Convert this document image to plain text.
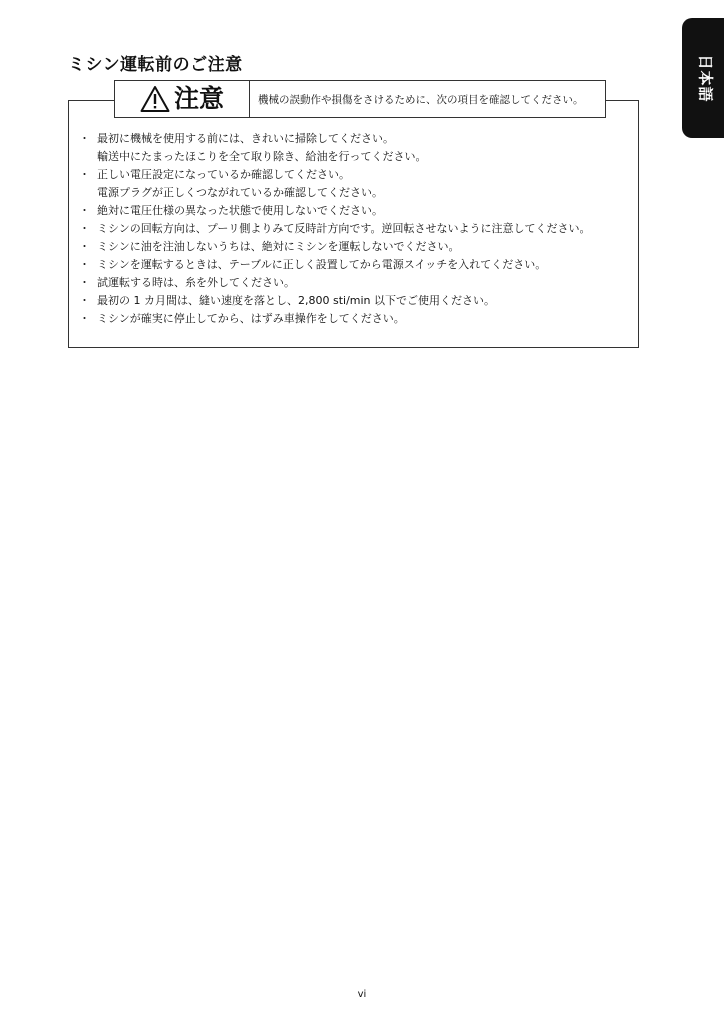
日本語
ミシン運転前のご注意
注意	機械の誤動作や損傷をさけるために、次の項目を確認してください。
・ 最初に機械を使用する前には、きれいに掃除してください。
輸送中にたまったほこりを全て取り除き、給油を行ってください。
・ 正しい電圧設定になっているか確認してください。
電源プラグが正しくつながれているか確認してください。
・ 絶対に電圧仕様の異なった状態で使用しないでください。
・ ミシンの回転方向は、プーリ側よりみて反時計方向です。逆回転させないように注意してください。
・ ミシンに油を注油しないうちは、絶対にミシンを運転しないでください。
・ ミシンを運転するときは、テーブルに正しく設置してから電源スイッチを入れてください。
・ 試運転する時は、糸を外してください。
・ 最初の 1 カ月間は、縫い速度を落とし、2,800 sti/min 以下でご使用ください。
・ ミシンが確実に停止してから、はずみ車操作をしてください。
vi
